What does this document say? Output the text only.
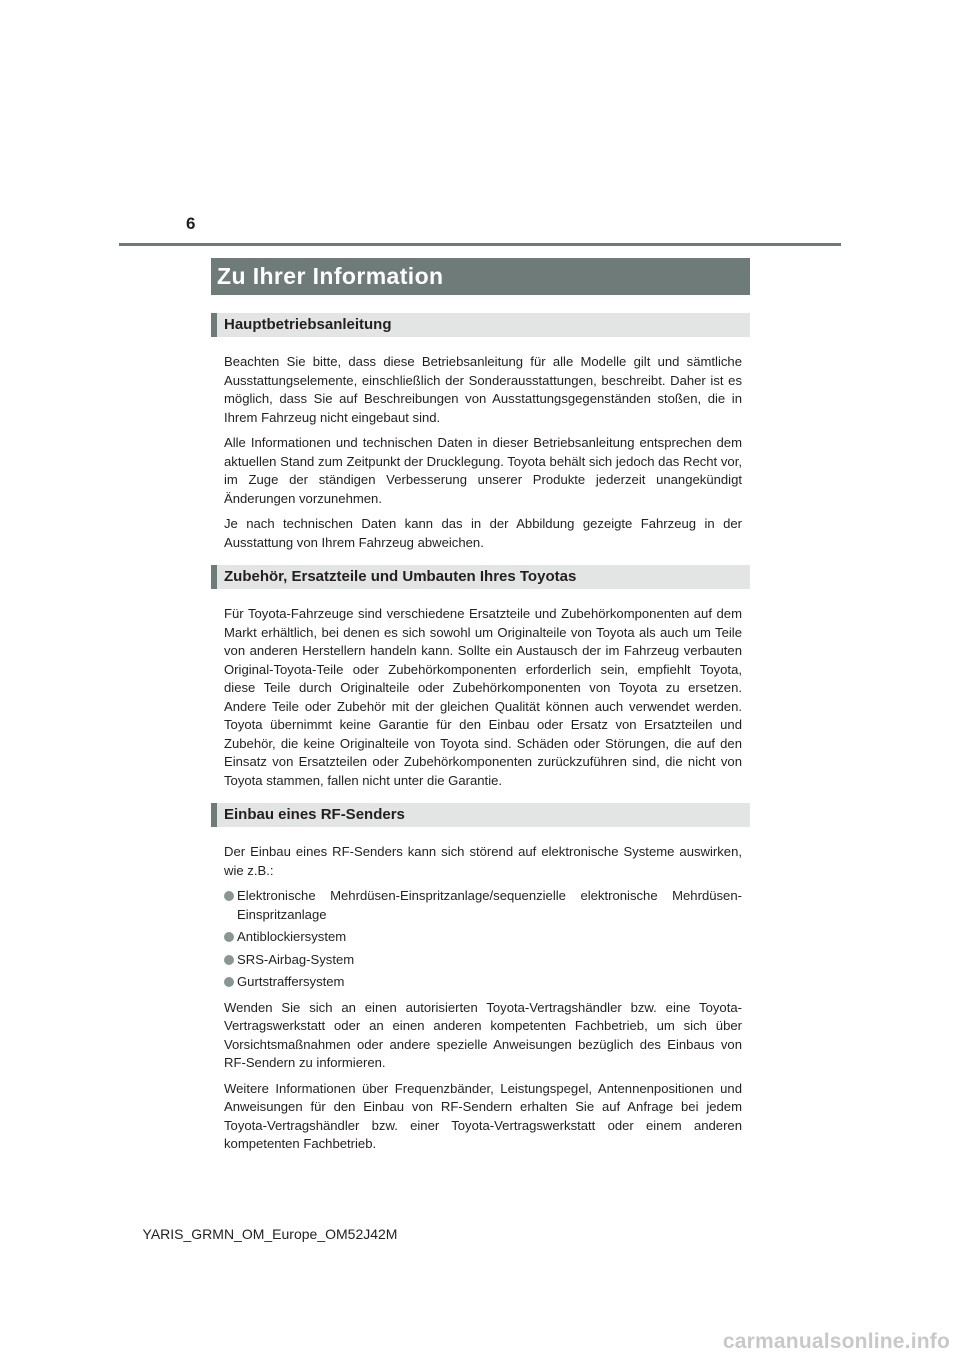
6
Zu Ihrer Information
Hauptbetriebsanleitung

Beachten Sie bitte, dass diese Betriebsanleitung für alle Modelle gilt und sämtliche Ausstattungselemente, einschließlich der Sonderausstattungen, beschreibt. Daher ist es möglich, dass Sie auf Beschreibungen von Ausstattungsgegenständen stoßen, die in Ihrem Fahrzeug nicht eingebaut sind.

Alle Informationen und technischen Daten in dieser Betriebsanleitung entsprechen dem aktuellen Stand zum Zeitpunkt der Drucklegung. Toyota behält sich jedoch das Recht vor, im Zuge der ständigen Verbesserung unserer Produkte jederzeit unangekündigt Änderungen vorzunehmen.

Je nach technischen Daten kann das in der Abbildung gezeigte Fahrzeug in der Ausstattung von Ihrem Fahrzeug abweichen.

Zubehör, Ersatzteile und Umbauten Ihres Toyotas

Für Toyota-Fahrzeuge sind verschiedene Ersatzteile und Zubehörkomponenten auf dem Markt erhältlich, bei denen es sich sowohl um Originalteile von Toyota als auch um Teile von anderen Herstellern handeln kann. Sollte ein Austausch der im Fahrzeug verbauten Original-Toyota-Teile oder Zubehörkomponenten erforderlich sein, empfiehlt Toyota, diese Teile durch Originalteile oder Zubehörkomponenten von Toyota zu ersetzen. Andere Teile oder Zubehör mit der gleichen Qualität können auch verwendet werden. Toyota übernimmt keine Garantie für den Einbau oder Ersatz von Ersatzteilen und Zubehör, die keine Originalteile von Toyota sind. Schäden oder Störungen, die auf den Einsatz von Ersatzteilen oder Zubehörkomponenten zurückzuführen sind, die nicht von Toyota stammen, fallen nicht unter die Garantie.

Einbau eines RF-Senders

Der Einbau eines RF-Senders kann sich störend auf elektronische Systeme auswirken, wie z.B.:

Elektronische Mehrdüsen-Einspritzanlage/sequenzielle elektronische Mehrdüsen-Einspritzanlage
Antiblockiersystem
SRS-Airbag-System
Gurtstraffersystem

Wenden Sie sich an einen autorisierten Toyota-Vertragshändler bzw. eine Toyota-Vertragswerkstatt oder an einen anderen kompetenten Fachbetrieb, um sich über Vorsichtsmaßnahmen oder andere spezielle Anweisungen bezüglich des Einbaus von RF-Sendern zu informieren.

Weitere Informationen über Frequenzbänder, Leistungspegel, Antennenpositionen und Anweisungen für den Einbau von RF-Sendern erhalten Sie auf Anfrage bei jedem Toyota-Vertragshändler bzw. einer Toyota-Vertragswerkstatt oder einem anderen kompetenten Fachbetrieb.

YARIS_GRMN_OM_Europe_OM52J42M
carmanualsonline.info
